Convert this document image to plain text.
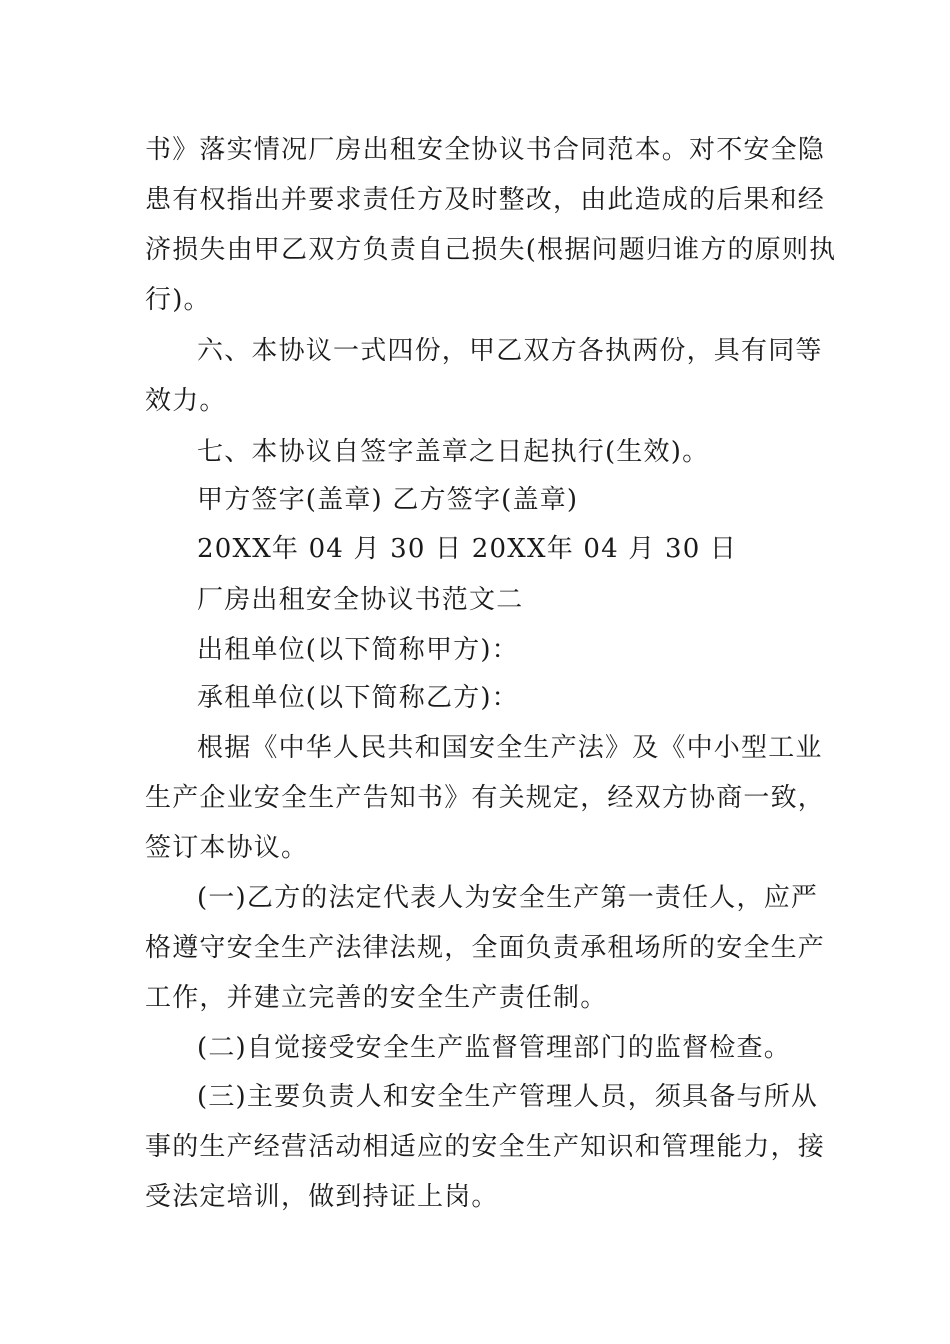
书》落实情况厂房出租安全协议书合同范本。对不安全隐
患有权指出并要求责任方及时整改，由此造成的后果和经
济损失由甲乙双方负责自己损失(根据问题归谁方的原则执
行)。
六、本协议一式四份，甲乙双方各执两份，具有同等
效力。
七、本协议自签字盖章之日起执行(生效)。
甲方签字(盖章) 乙方签字(盖章)
20XX年 04 月 30 日 20XX年 04 月 30 日
厂房出租安全协议书范文二
出租单位(以下简称甲方)：
承租单位(以下简称乙方)：
根据《中华人民共和国安全生产法》及《中小型工业
生产企业安全生产告知书》有关规定，经双方协商一致，
签订本协议。
(一)乙方的法定代表人为安全生产第一责任人，应严
格遵守安全生产法律法规，全面负责承租场所的安全生产
工作，并建立完善的安全生产责任制。
(二)自觉接受安全生产监督管理部门的监督检查。
(三)主要负责人和安全生产管理人员，须具备与所从
事的生产经营活动相适应的安全生产知识和管理能力，接
受法定培训，做到持证上岗。
